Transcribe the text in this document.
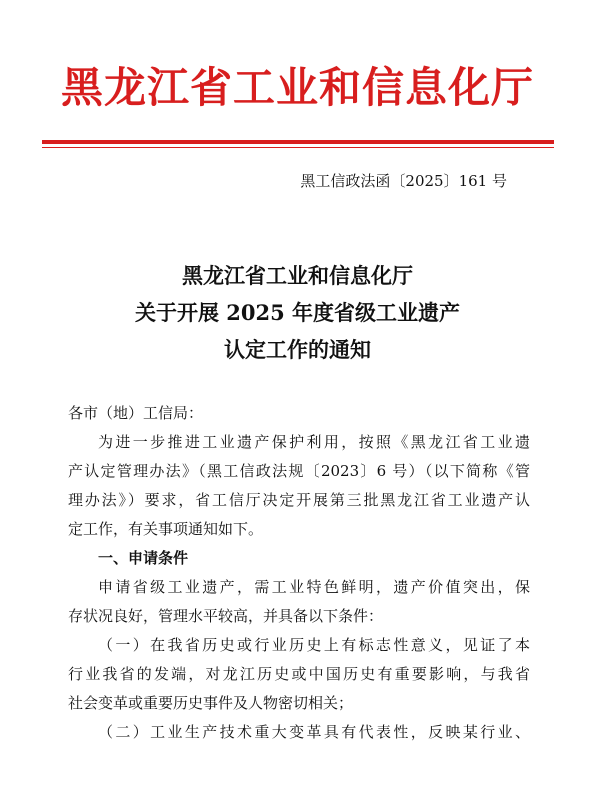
黑龙江省工业和信息化厅
黑工信政法函〔2025〕161 号
黑龙江省工业和信息化厅
关于开展 2025 年度省级工业遗产
认定工作的通知
各市（地）工信局：
为进一步推进工业遗产保护利用，按照《黑龙江省工业遗
产认定管理办法》（黑工信政法规〔2023〕6 号）（以下简称《管
理办法》）要求，省工信厅决定开展第三批黑龙江省工业遗产认
定工作，有关事项通知如下。
一、申请条件
申请省级工业遗产，需工业特色鲜明，遗产价值突出，保
存状况良好，管理水平较高，并具备以下条件：
（一）在我省历史或行业历史上有标志性意义，见证了本
行业我省的发端，对龙江历史或中国历史有重要影响，与我省
社会变革或重要历史事件及人物密切相关；
（二）工业生产技术重大变革具有代表性，反映某行业、
